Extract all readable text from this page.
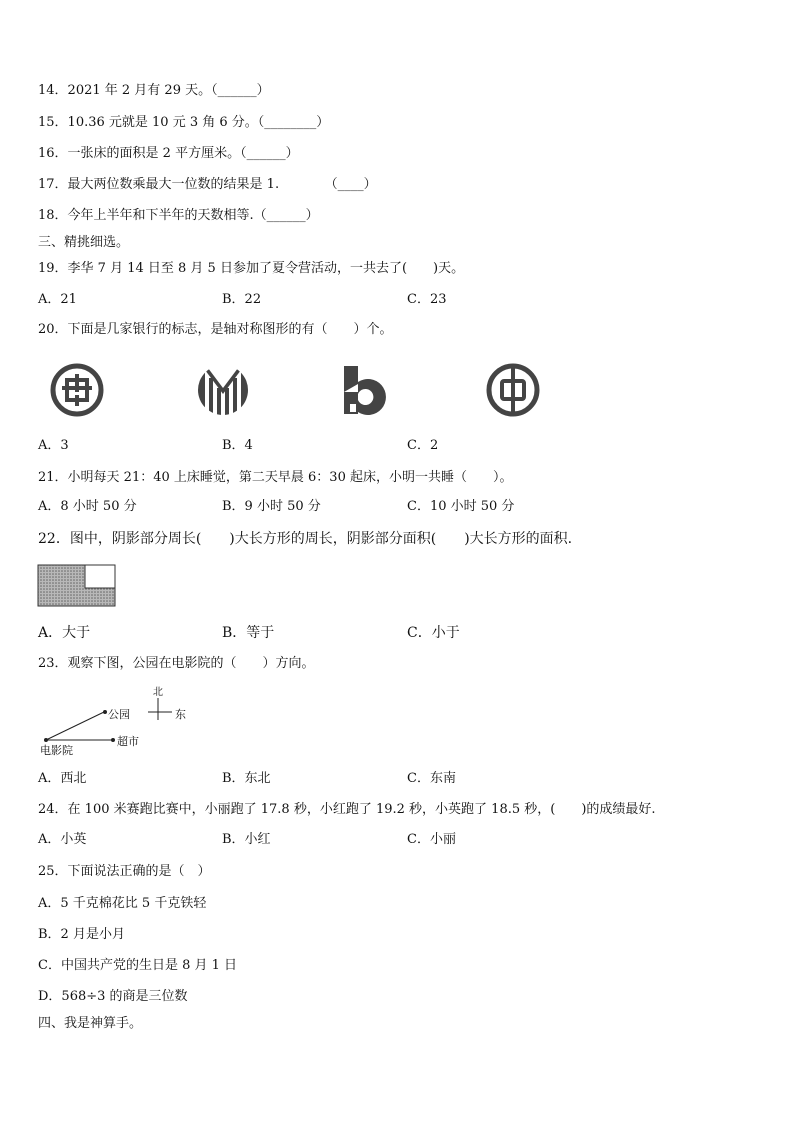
14．2021 年 2 月有 29 天。（______）
15．10.36 元就是 10 元 3 角 6 分。（________）
16．一张床的面积是 2 平方厘米。（______）
17．最大两位数乘最大一位数的结果是 1.　　　　（____）
18．今年上半年和下半年的天数相等.（______）
三、精挑细选。
19．李华 7 月 14 日至 8 月 5 日参加了夏令营活动，一共去了(　　)天。
A．21	B．22	C．23
20．下面是几家银行的标志，是轴对称图形的有（　　）个。
A．3	B．4	C．2
21．小明每天 21：40 上床睡觉，第二天早晨 6：30 起床，小明一共睡（　　）。
A．8 小时 50 分	B．9 小时 50 分	C．10 小时 50 分
22．图中，阴影部分周长(　　)大长方形的周长，阴影部分面积(　　)大长方形的面积.
A．大于	B．等于	C．小于
23．观察下图，公园在电影院的（　　）方向。
北
东
公园
电影院
超市
A．西北	B．东北	C．东南
24．在 100 米赛跑比赛中，小丽跑了 17.8 秒，小红跑了 19.2 秒，小英跑了 18.5 秒，(　　)的成绩最好.
A．小英	B．小红	C．小丽
25．下面说法正确的是（　）
A．5 千克棉花比 5 千克铁轻
B．2 月是小月
C．中国共产党的生日是 8 月 1 日
D．568÷3 的商是三位数
四、我是神算手。
